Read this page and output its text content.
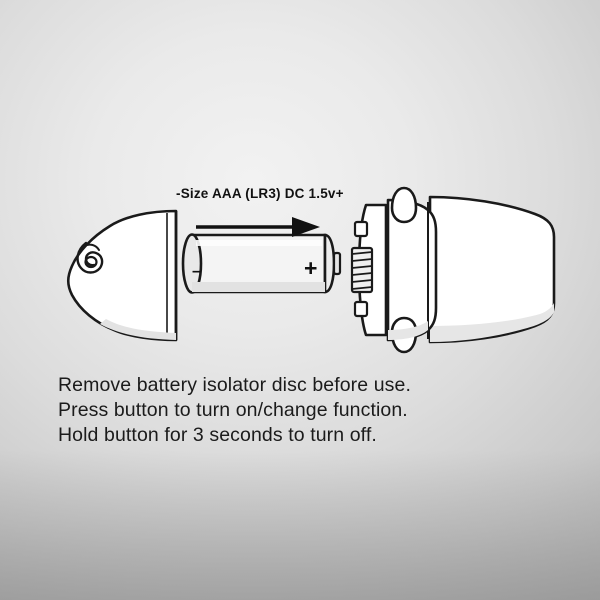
-Size AAA (LR3) DC 1.5v+
–	+
Remove battery isolator disc before use.
Press button to turn on/change function.
Hold button for 3 seconds to turn off.
